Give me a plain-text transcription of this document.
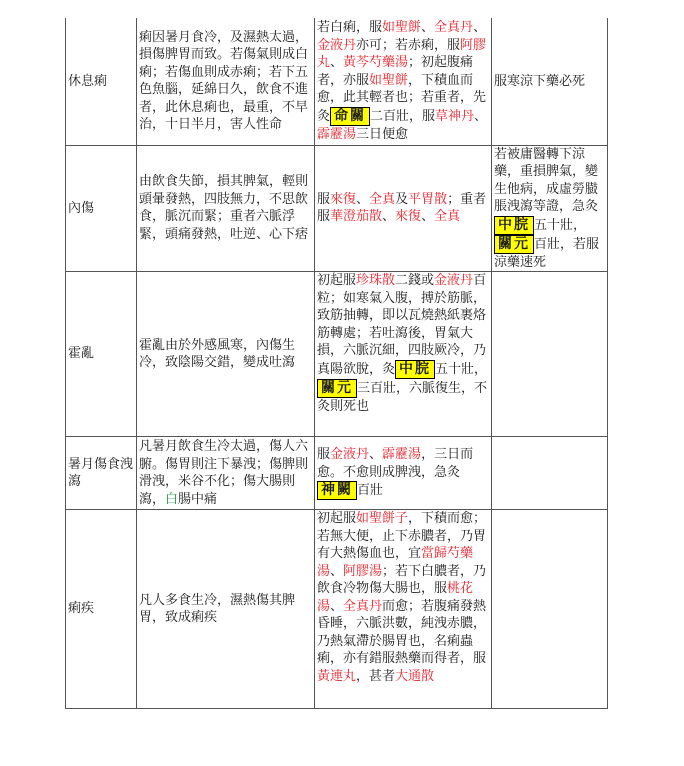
休息痢	痢因暑月食冷，及濕熱太過，損傷脾胃而致。若傷氣則成白痢；若傷血則成赤痢；若下五色魚腦，延綿日久，飲食不進者，此休息痢也，最重，不早治，十日半月，害人性命	若白痢，服如聖餅、全真丹、金液丹亦可；若赤痢，服阿膠丸、黃芩芍藥湯；初起腹痛者，亦服如聖餅，下積血而愈，此其輕者也；若重者，先灸 命關 二百壯，服草神丹、霹靂湯三日便愈	服寒涼下藥必死
內傷	由飲食失節，損其脾氣，輕則頭暈發熱，四肢無力，不思飲食，脈沉而緊；重者六脈浮緊，頭痛發熱，吐逆、心下痞	服來復、全真及平胃散；重者服華澄茄散、來復、全真	若被庸醫轉下涼藥，重損脾氣，變生他病，成虛勞臌脹洩瀉等證，急灸中脘 五十壯，關元 百壯，若服涼藥速死
霍亂	霍亂由於外感風寒，內傷生冷，致陰陽交錯，變成吐瀉	初起服珍珠散二錢或金液丹百粒；如寒氣入腹，搏於筋脈，致筋抽轉，即以瓦燒熱紙裹烙筋轉處；若吐瀉後，胃氣大損，六脈沉細，四肢厥冷，乃真陽欲脫，灸 中脘 五十壯，關元 三百壯，六脈復生，不灸則死也	
暑月傷食洩瀉	凡暑月飲食生冷太過，傷人六腑。傷胃則注下暴洩；傷脾則滑洩，米谷不化；傷大腸則瀉，白腸中痛	服金液丹、霹靂湯，三日而愈。不愈則成脾洩，急灸神闕 百壯	
痢疾	凡人多食生冷，濕熱傷其脾胃，致成痢疾	初起服如聖餅子，下積而愈；若無大便，止下赤膿者，乃胃有大熱傷血也，宜當歸芍藥湯、阿膠湯；若下白膿者，乃飲食冷物傷大腸也，服桃花湯、全真丹而愈；若腹痛發熱昏睡，六脈洪數，純洩赤膿，乃熱氣滯於腸胃也，名痢蟲痢，亦有錯服熱藥而得者，服黃連丸，甚者大通散	
